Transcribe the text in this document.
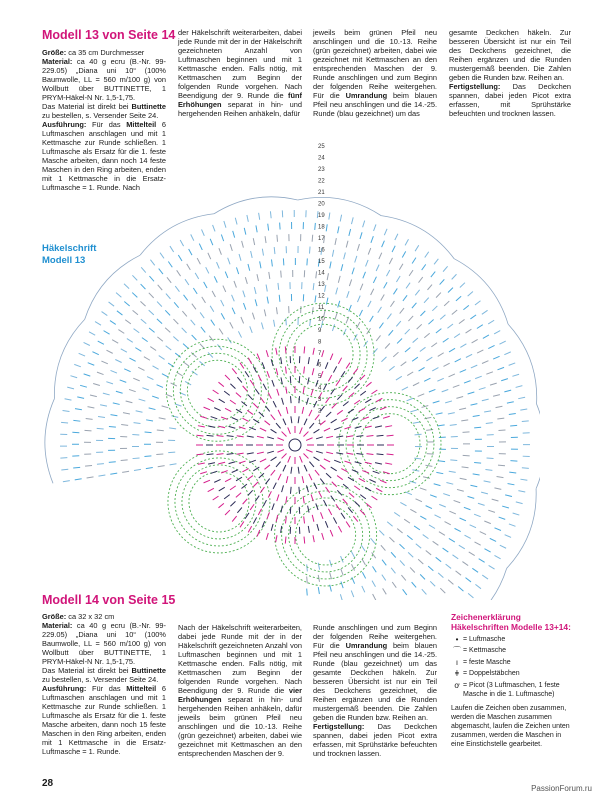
Modell 13 von Seite 14

Größe: ca 35 cm Durchmesser

Material: ca 40 g ecru (B.-Nr. 99-229.05) „Diana uni 10“ (100% Baumwolle, LL = 560 m/100 g) von Wollbutt über BUTTINETTE, 1 PRYM-Häkel-N Nr. 1,5-1,75.

Das Material ist direkt bei Buttinette zu bestellen, s. Versender Seite 24.

Ausführung: Für das Mittelteil 6 Luftmaschen anschlagen und mit 1 Kettmasche zur Runde schließen. 1 Luftmasche als Ersatz für die 1. feste Masche arbeiten, dann noch 14 feste Maschen in den Ring arbeiten, enden mit 1 Kettmasche in die Ersatz-Luftmasche = 1. Runde. Nach

der Häkelschrift weiterarbeiten, dabei jede Runde mit der in der Häkelschrift gezeichneten Anzahl von Luftmaschen beginnen und mit 1 Kettmasche enden. Falls nötig, mit Kettmaschen zum Beginn der folgenden Runde vorgehen. Nach Beendigung der 9. Runde die fünf Erhöhungen separat in hin- und hergehenden Reihen anhäkeln, dafür

jeweils beim grünen Pfeil neu anschlingen und die 10.-13. Reihe (grün gezeichnet) arbeiten, dabei wie gezeichnet mit Kettmaschen an den entsprechenden Maschen der 9. Runde anschlingen und zum Beginn der folgenden Reihe weitergehen. Für die Umrandung beim blauen Pfeil neu anschlingen und die 14.-25. Runde (blau gezeichnet) um das

gesamte Deckchen häkeln. Zur besseren Übersicht ist nur ein Teil des Deckchens gezeichnet, die Reihen ergänzen und die Runden mustergemäß beenden. Die Zahlen geben die Runden bzw. Reihen an.

Fertigstellung: Das Deckchen spannen, dabei jeden Picot extra erfassen, mit Sprühstärke befeuchten und trocknen lassen.

Häkelschrift
Modell 13
25
24
23
22
21
20
19
18
17
16
15
14
13
12
11
10
9
8
7
6
5
4
3
2
1
Modell 14 von Seite 15

Größe: ca 32 x 32 cm

Material: ca 40 g ecru (B.-Nr. 99-229.05) „Diana uni 10“ (100% Baumwolle, LL = 560 m/100 g) von Wollbutt über BUTTINETTE, 1 PRYM-Häkel-N Nr. 1,5-1,75.

Das Material ist direkt bei Buttinette zu bestellen, s. Versender Seite 24.

Ausführung: Für das Mittelteil 6 Luftmaschen anschlagen und mit 1 Kettmasche zur Runde schließen. 1 Luftmasche als Ersatz für die 1. feste Masche arbeiten, dann noch 15 feste Maschen in den Ring arbeiten, enden mit 1 Kettmasche in die Ersatz-Luftmasche = 1. Runde.

Nach der Häkelschrift weiterarbeiten, dabei jede Runde mit der in der Häkelschrift gezeichneten Anzahl von Luftmaschen beginnen und mit 1 Kettmasche enden. Falls nötig, mit Kettmaschen zum Beginn der folgenden Runde vorgehen. Nach Beendigung der 9. Runde die vier Erhöhungen separat in hin- und hergehenden Reihen anhäkeln, dafür jeweils beim grünen Pfeil neu anschlingen und die 10.-13. Reihe (grün gezeichnet) arbeiten, dabei wie gezeichnet mit Kettmaschen an den entsprechenden Maschen der 9.

Runde anschlingen und zum Beginn der folgenden Reihe weitergehen. Für die Umrandung beim blauen Pfeil neu anschlingen und die 14.-25. Runde (blau gezeichnet) um das gesamte Deckchen häkeln. Zur besseren Übersicht ist nur ein Teil des Deckchens gezeichnet, die Reihen ergänzen und die Runden mustergemäß beenden. Die Zahlen geben die Runden bzw. Reihen an.

Fertigstellung: Das Deckchen spannen, dabei jeden Picot extra erfassen, mit Sprühstärke befeuchten und trocknen lassen.

Zeichenerklärung
Häkelschriften Modelle 13+14:
• = Luftmasche
⌒ = Kettmasche
ı = feste Masche
ǂ = Doppelstäbchen
ơ = Picot (3 Luftmaschen, 1 feste Masche in die 1. Luftmasche)

Laufen die Zeichen oben zusammen, werden die Maschen zusammen abgemascht, laufen die Zeichen unten zusammen, werden die Maschen in eine Einstichstelle gearbeitet.

28	PassionForum.ru
